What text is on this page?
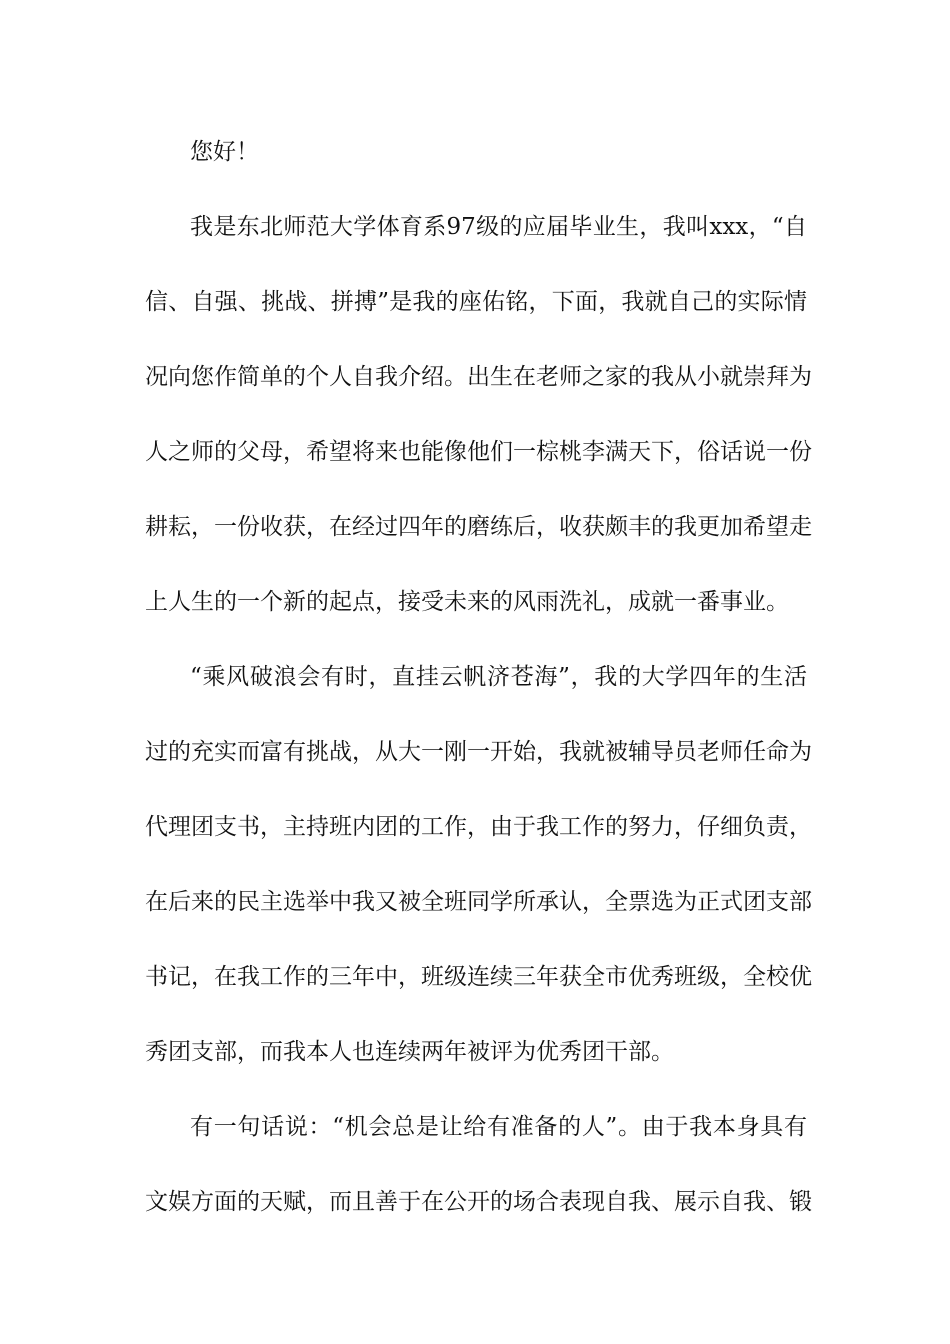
您好！
我是东北师范大学体育系97级的应届毕业生，我叫xxx，“自
信、自强、挑战、拼搏”是我的座佑铭，下面，我就自己的实际情
况向您作简单的个人自我介绍。出生在老师之家的我从小就崇拜为
人之师的父母，希望将来也能像他们一棕桃李满天下，俗话说一份
耕耘，一份收获，在经过四年的磨练后，收获颇丰的我更加希望走
上人生的一个新的起点，接受未来的风雨洗礼，成就一番事业。
“乘风破浪会有时，直挂云帆济苍海”，我的大学四年的生活
过的充实而富有挑战，从大一刚一开始，我就被辅导员老师任命为
代理团支书，主持班内团的工作，由于我工作的努力，仔细负责，
在后来的民主选举中我又被全班同学所承认，全票选为正式团支部
书记，在我工作的三年中，班级连续三年获全市优秀班级，全校优
秀团支部，而我本人也连续两年被评为优秀团干部。
有一句话说：“机会总是让给有准备的人”。由于我本身具有
文娱方面的天赋，而且善于在公开的场合表现自我、展示自我、锻
